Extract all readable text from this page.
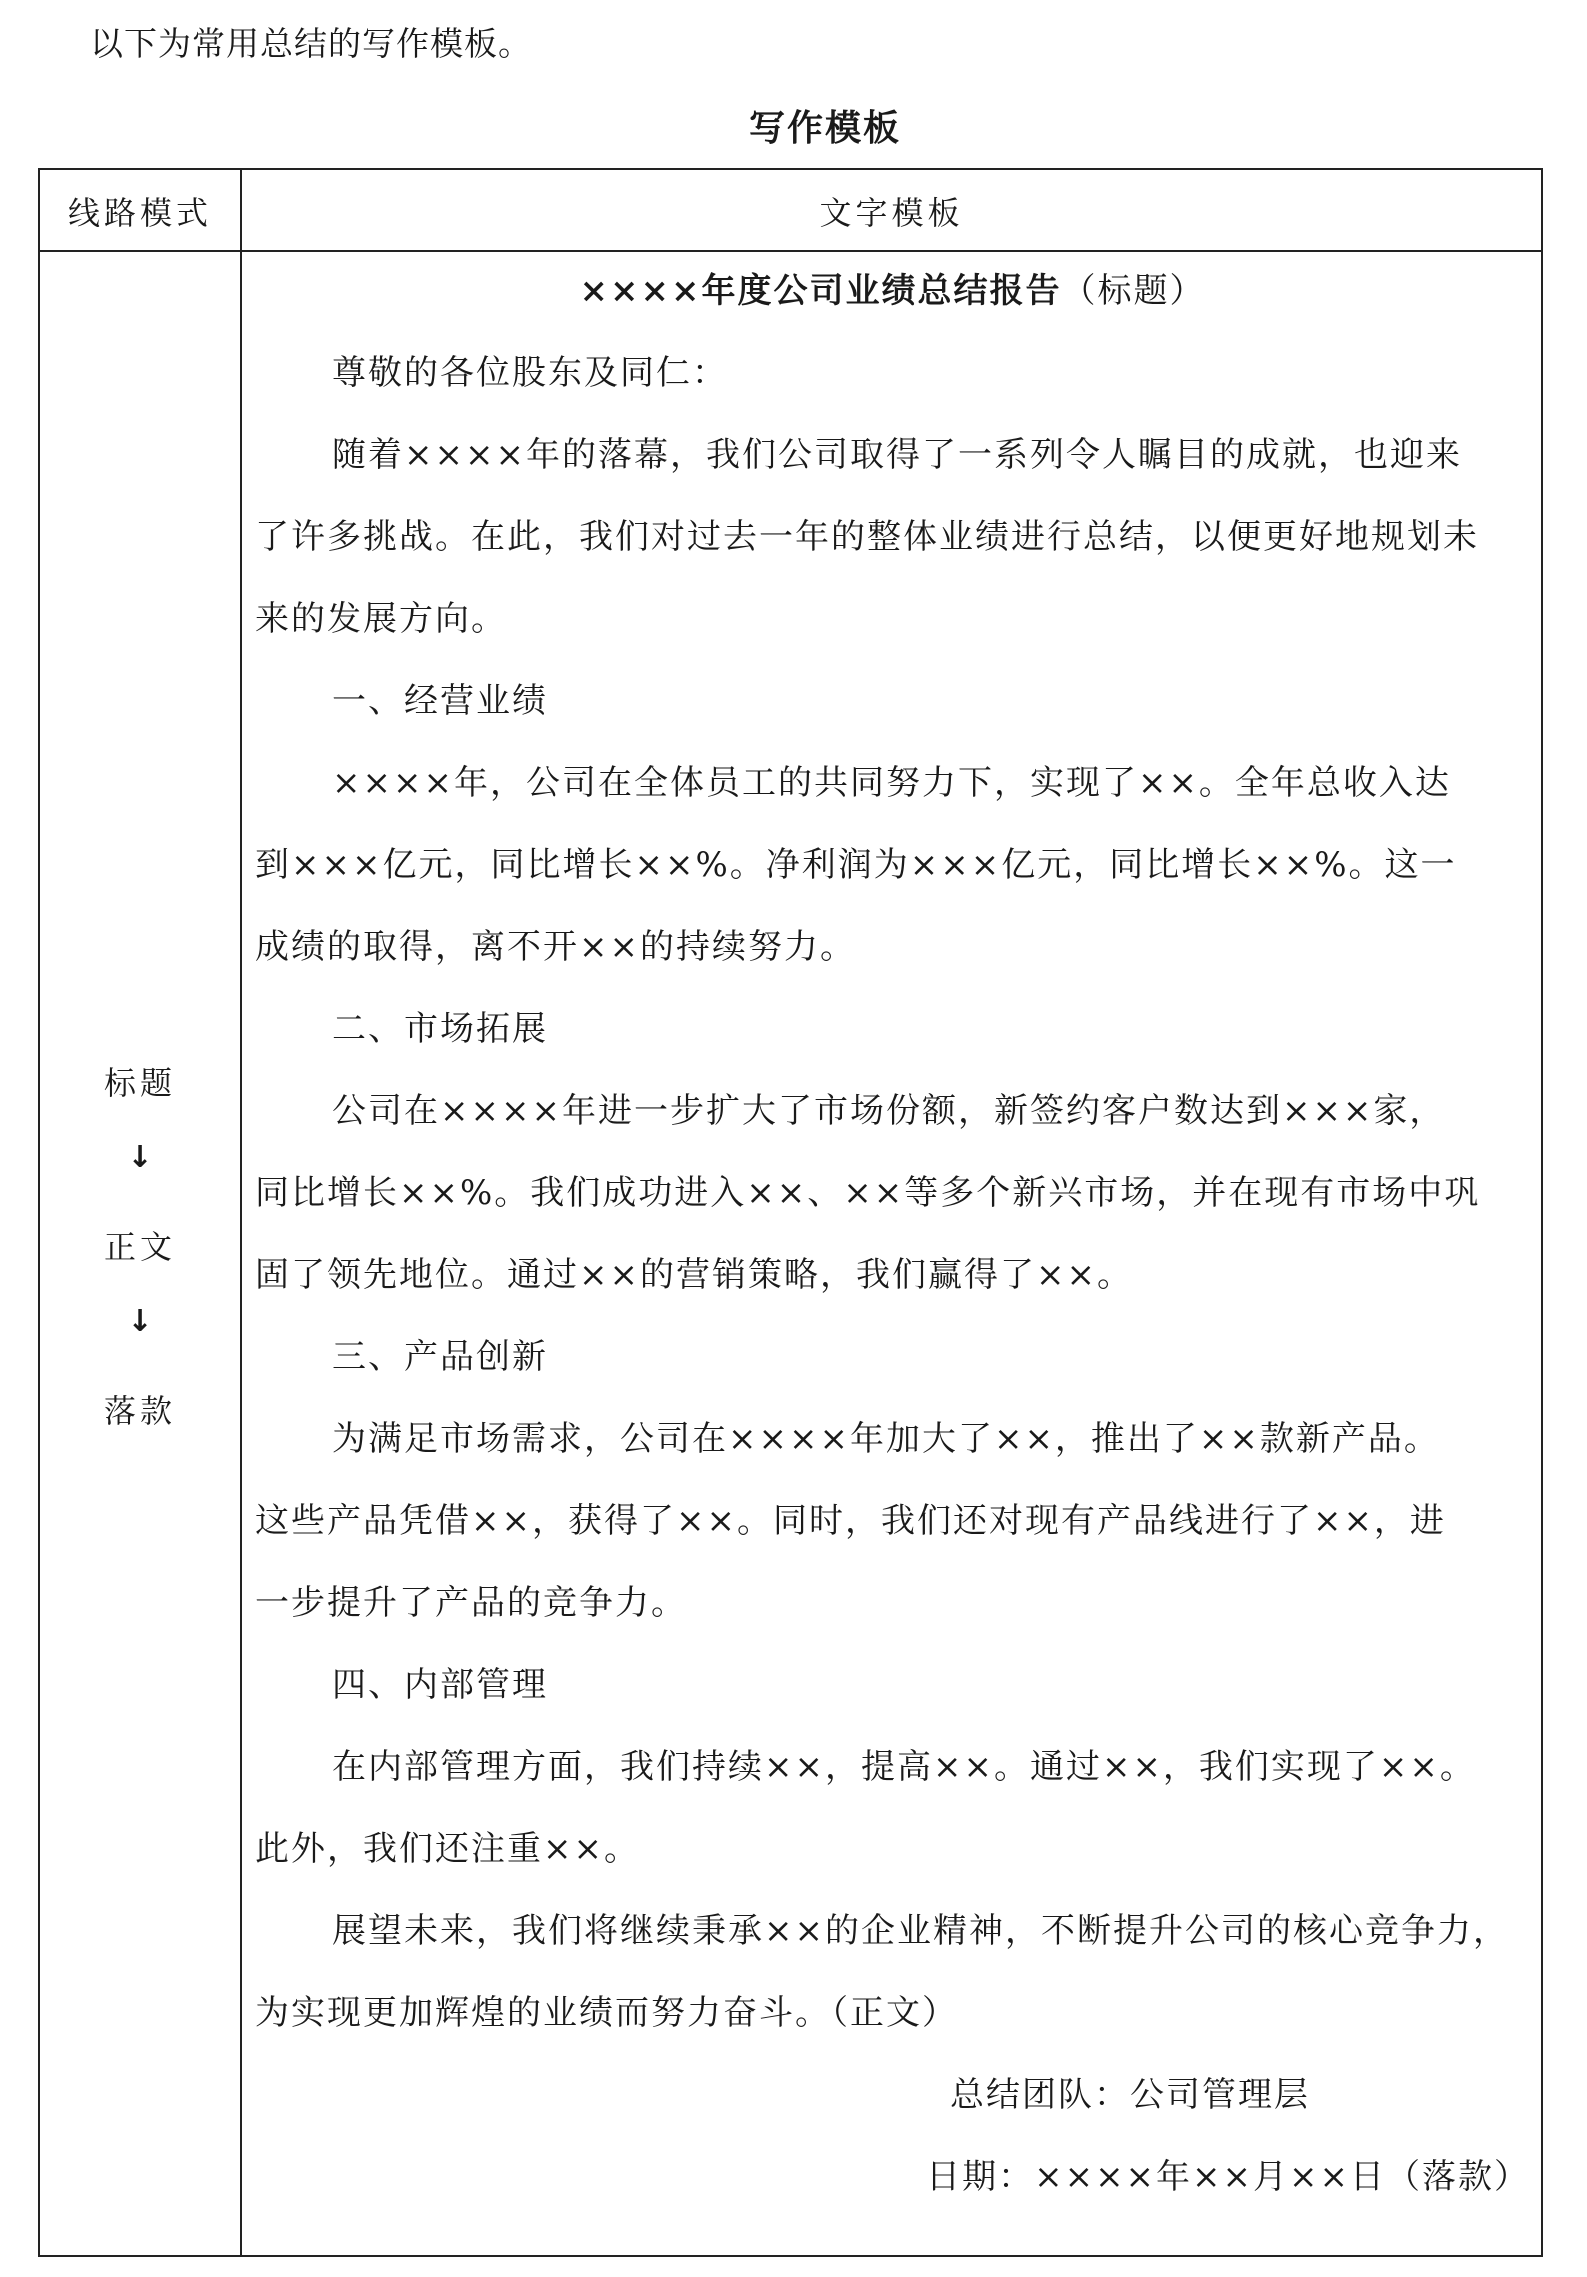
以下为常用总结的写作模板。
写作模板
线路模式	文字模板
标题
↓
正文
↓
落款
××××年度公司业绩总结报告（标题）
尊敬的各位股东及同仁：
随着××××年的落幕，我们公司取得了一系列令人瞩目的成就，也迎来
了许多挑战。在此，我们对过去一年的整体业绩进行总结，以便更好地规划未
来的发展方向。
一、经营业绩
××××年，公司在全体员工的共同努力下，实现了××。全年总收入达
到×××亿元，同比增长××%。净利润为×××亿元，同比增长××%。这一
成绩的取得，离不开××的持续努力。
二、市场拓展
公司在××××年进一步扩大了市场份额，新签约客户数达到×××家，
同比增长××%。我们成功进入××、××等多个新兴市场，并在现有市场中巩
固了领先地位。通过××的营销策略，我们赢得了××。
三、产品创新
为满足市场需求，公司在××××年加大了××，推出了××款新产品。
这些产品凭借××，获得了××。同时，我们还对现有产品线进行了××，进
一步提升了产品的竞争力。
四、内部管理
在内部管理方面，我们持续××，提高××。通过××，我们实现了××。
此外，我们还注重××。
展望未来，我们将继续秉承××的企业精神，不断提升公司的核心竞争力，
为实现更加辉煌的业绩而努力奋斗。（正文）
总结团队：公司管理层
日期：××××年××月××日（落款）
